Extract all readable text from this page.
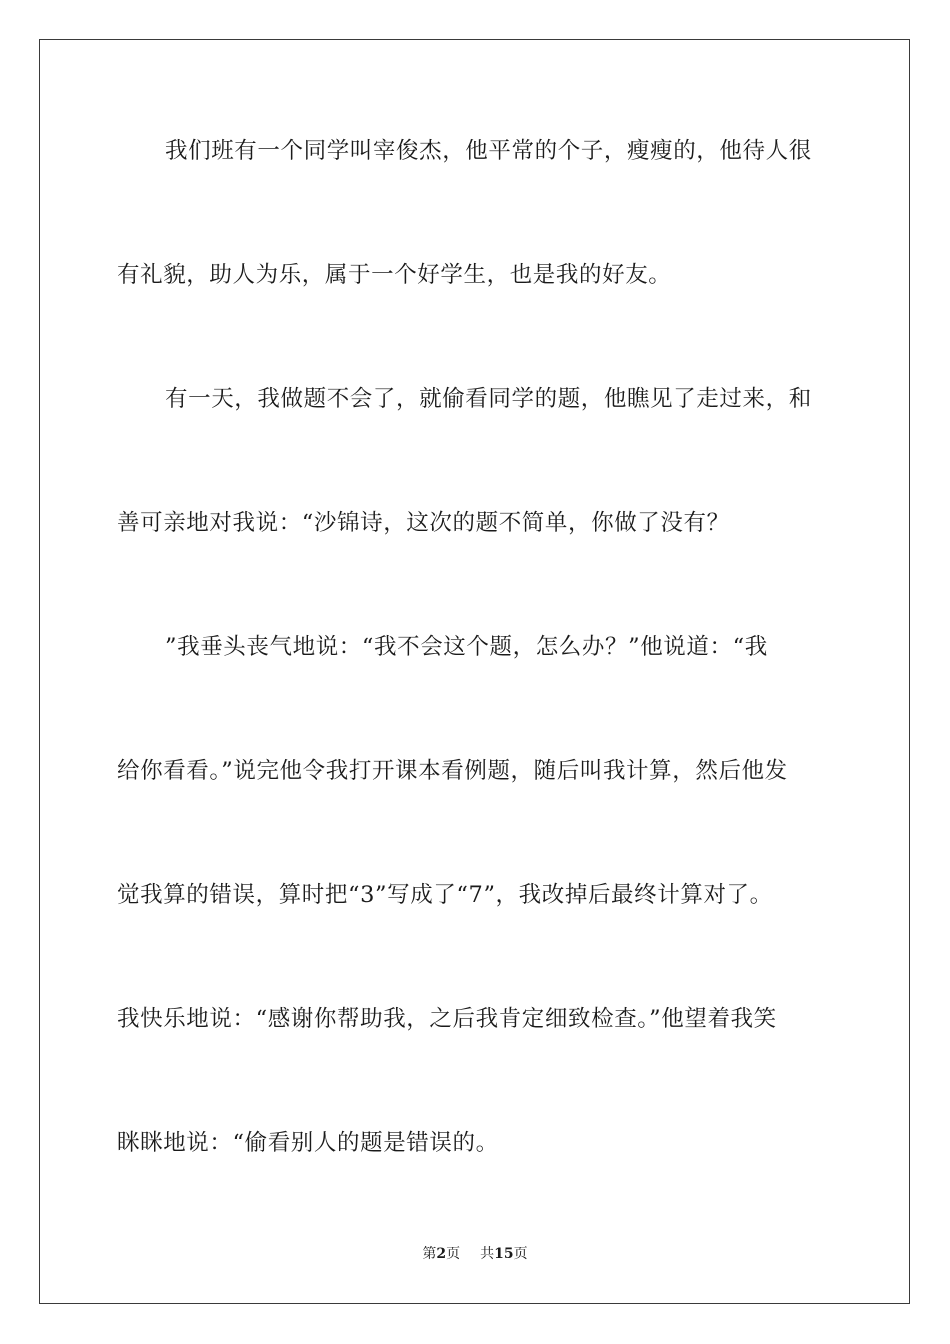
我们班有一个同学叫宰俊杰，他平常的个子，瘦瘦的，他待人很
有礼貌，助人为乐，属于一个好学生，也是我的好友。
有一天，我做题不会了，就偷看同学的题，他瞧见了走过来，和
善可亲地对我说：“沙锦诗，这次的题不简单，你做了没有？
”我垂头丧气地说：“我不会这个题，怎么办？”他说道：“我
给你看看。”说完他令我打开课本看例题，随后叫我计算，然后他发
觉我算的错误，算时把“3”写成了“7”，我改掉后最终计算对了。
我快乐地说：“感谢你帮助我，之后我肯定细致检查。”他望着我笑
眯眯地说：“偷看别人的题是错误的。
第2页 共15页
